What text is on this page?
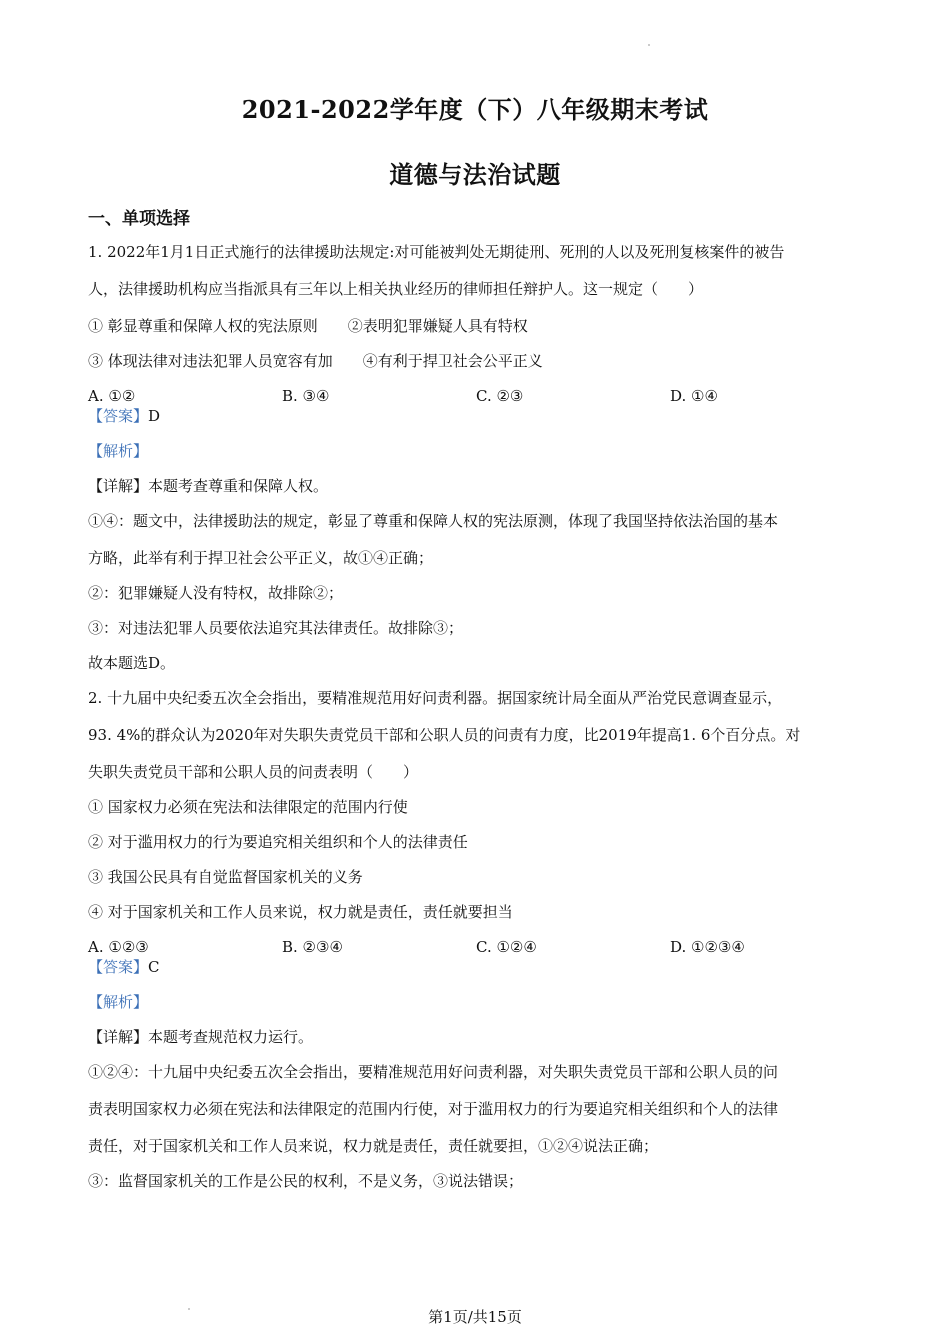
2021-2022学年度（下）八年级期末考试
道德与法治试题

一、单项选择

1. 2022年1月1日正式施行的法律援助法规定:对可能被判处无期徒刑、死刑的人以及死刑复核案件的被告

人，法律援助机构应当指派具有三年以上相关执业经历的律师担任辩护人。这一规定（　　）

① 彰显尊重和保障人权的宪法原则　　②表明犯罪嫌疑人具有特权

③ 体现法律对违法犯罪人员宽容有加　　④有利于捍卫社会公平正义

A. ①②	B. ③④	C. ②③	D. ①④

【答案】D

【解析】

【详解】本题考查尊重和保障人权。

①④：题文中，法律援助法的规定，彰显了尊重和保障人权的宪法原测，体现了我国坚持依法治国的基本

方略，此举有利于捍卫社会公平正义，故①④正确；

②：犯罪嫌疑人没有特权，故排除②；

③：对违法犯罪人员要依法追究其法律责任。故排除③；

故本题选D。

2. 十九届中央纪委五次全会指出，要精准规范用好问责利器。据国家统计局全面从严治党民意调查显示，

93. 4%的群众认为2020年对失职失责党员干部和公职人员的问责有力度，比2019年提高1. 6个百分点。对

失职失责党员干部和公职人员的问责表明（　　）

① 国家权力必须在宪法和法律限定的范围内行使

② 对于滥用权力的行为要追究相关组织和个人的法律责任

③ 我国公民具有自觉监督国家机关的义务

④ 对于国家机关和工作人员来说，权力就是责任，责任就要担当

A. ①②③	B. ②③④	C. ①②④	D. ①②③④

【答案】C

【解析】

【详解】本题考查规范权力运行。

①②④：十九届中央纪委五次全会指出，要精准规范用好问责利器，对失职失责党员干部和公职人员的问

责表明国家权力必须在宪法和法律限定的范围内行使，对于滥用权力的行为要追究相关组织和个人的法律

责任，对于国家机关和工作人员来说，权力就是责任，责任就要担，①②④说法正确；

③：监督国家机关的工作是公民的权利，不是义务，③说法错误；

第1页/共15页
